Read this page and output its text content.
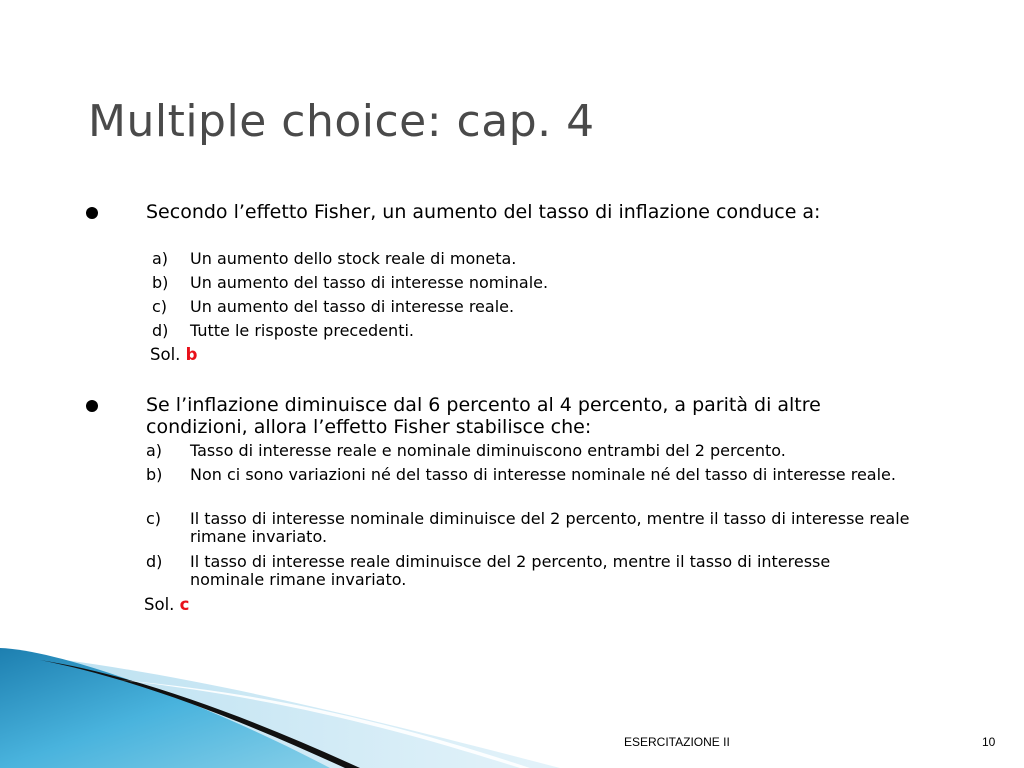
Multiple choice: cap. 4
Secondo l’effetto Fisher, un aumento del tasso di inflazione conduce a:
a) Un aumento dello stock reale di moneta.
b) Un aumento del tasso di interesse nominale.
c) Un aumento del tasso di interesse reale.
d) Tutte le risposte precedenti.
Sol. b
Se l’inflazione diminuisce dal 6 percento al 4 percento, a parità di altre condizioni, allora l’effetto Fisher stabilisce che:
a) Tasso di interesse reale e nominale diminuiscono entrambi del 2 percento.
b) Non ci sono variazioni né del tasso di interesse nominale né del tasso di interesse reale.
c) Il tasso di interesse nominale diminuisce del 2 percento, mentre il tasso di interesse reale rimane invariato.
d) Il tasso di interesse reale diminuisce del 2 percento, mentre il tasso di interesse nominale rimane invariato.
Sol. c
ESERCITAZIONE II	10
